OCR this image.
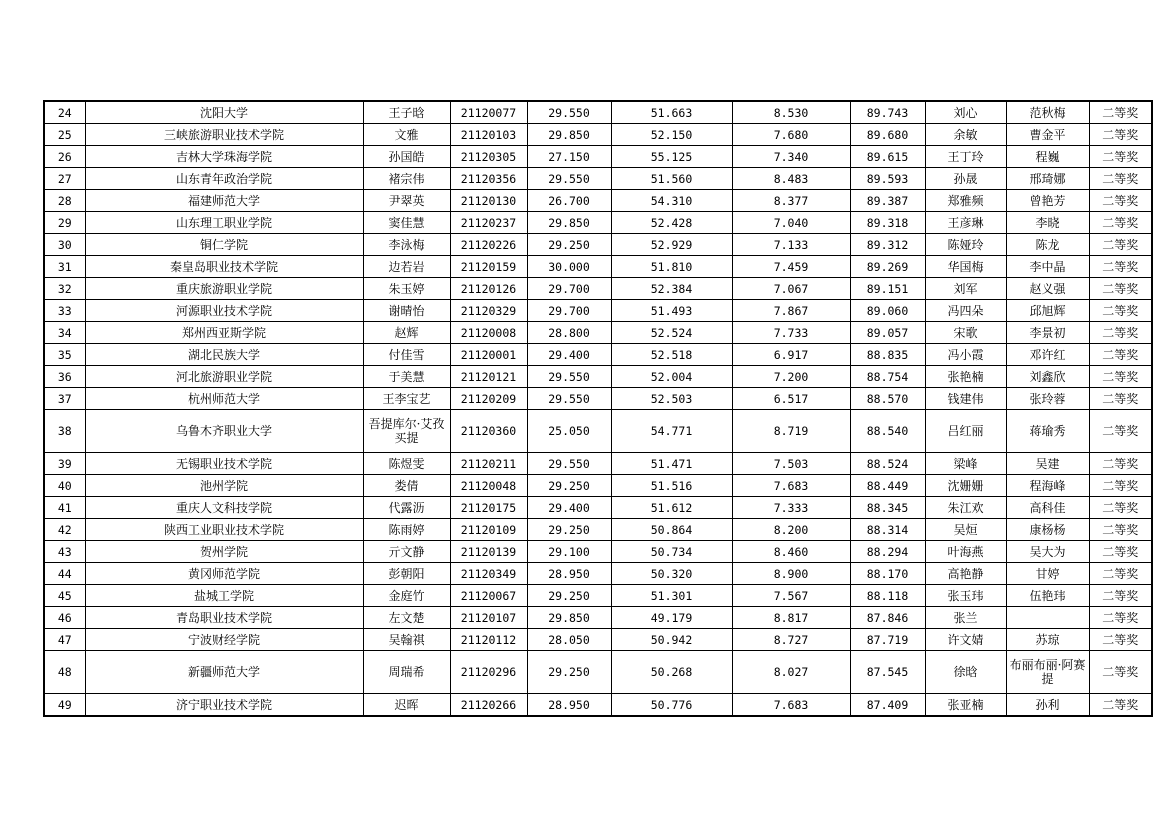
24	沈阳大学	王子晗	21120077	29.550	51.663	8.530	89.743	刘心	范秋梅	二等奖
25	三峡旅游职业技术学院	文雅	21120103	29.850	52.150	7.680	89.680	余敏	曹金平	二等奖
26	吉林大学珠海学院	孙国皓	21120305	27.150	55.125	7.340	89.615	王丁玲	程巍	二等奖
27	山东青年政治学院	褚宗伟	21120356	29.550	51.560	8.483	89.593	孙晟	邢琦娜	二等奖
28	福建师范大学	尹翠英	21120130	26.700	54.310	8.377	89.387	郑雅频	曾艳芳	二等奖
29	山东理工职业学院	窦佳慧	21120237	29.850	52.428	7.040	89.318	王彦琳	李晓	二等奖
30	铜仁学院	李泳梅	21120226	29.250	52.929	7.133	89.312	陈娅玲	陈龙	二等奖
31	秦皇岛职业技术学院	边若岩	21120159	30.000	51.810	7.459	89.269	华国梅	李中晶	二等奖
32	重庆旅游职业学院	朱玉婷	21120126	29.700	52.384	7.067	89.151	刘军	赵义强	二等奖
33	河源职业技术学院	谢晴怡	21120329	29.700	51.493	7.867	89.060	冯四朵	邱旭辉	二等奖
34	郑州西亚斯学院	赵辉	21120008	28.800	52.524	7.733	89.057	宋歌	李景初	二等奖
35	湖北民族大学	付佳雪	21120001	29.400	52.518	6.917	88.835	冯小霞	邓许红	二等奖
36	河北旅游职业学院	于美慧	21120121	29.550	52.004	7.200	88.754	张艳楠	刘鑫欣	二等奖
37	杭州师范大学	王李宝艺	21120209	29.550	52.503	6.517	88.570	钱建伟	张玲蓉	二等奖
38	乌鲁木齐职业大学	吾提库尔·艾孜买提	21120360	25.050	54.771	8.719	88.540	吕红丽	蒋瑜秀	二等奖
39	无锡职业技术学院	陈煜雯	21120211	29.550	51.471	7.503	88.524	梁峰	吴建	二等奖
40	池州学院	娄倩	21120048	29.250	51.516	7.683	88.449	沈姗姗	程海峰	二等奖
41	重庆人文科技学院	代露沥	21120175	29.400	51.612	7.333	88.345	朱江欢	高科佳	二等奖
42	陕西工业职业技术学院	陈雨婷	21120109	29.250	50.864	8.200	88.314	吴烜	康杨杨	二等奖
43	贺州学院	亓文静	21120139	29.100	50.734	8.460	88.294	叶海燕	吴大为	二等奖
44	黄冈师范学院	彭朝阳	21120349	28.950	50.320	8.900	88.170	高艳静	甘婷	二等奖
45	盐城工学院	金庭竹	21120067	29.250	51.301	7.567	88.118	张玉玮	伍艳玮	二等奖
46	青岛职业技术学院	左文楚	21120107	29.850	49.179	8.817	87.846	张兰		二等奖
47	宁波财经学院	吴翰祺	21120112	28.050	50.942	8.727	87.719	许文婧	苏琼	二等奖
48	新疆师范大学	周瑞希	21120296	29.250	50.268	8.027	87.545	徐晗	布丽布丽·阿赛提	二等奖
49	济宁职业技术学院	迟晖	21120266	28.950	50.776	7.683	87.409	张亚楠	孙利	二等奖
